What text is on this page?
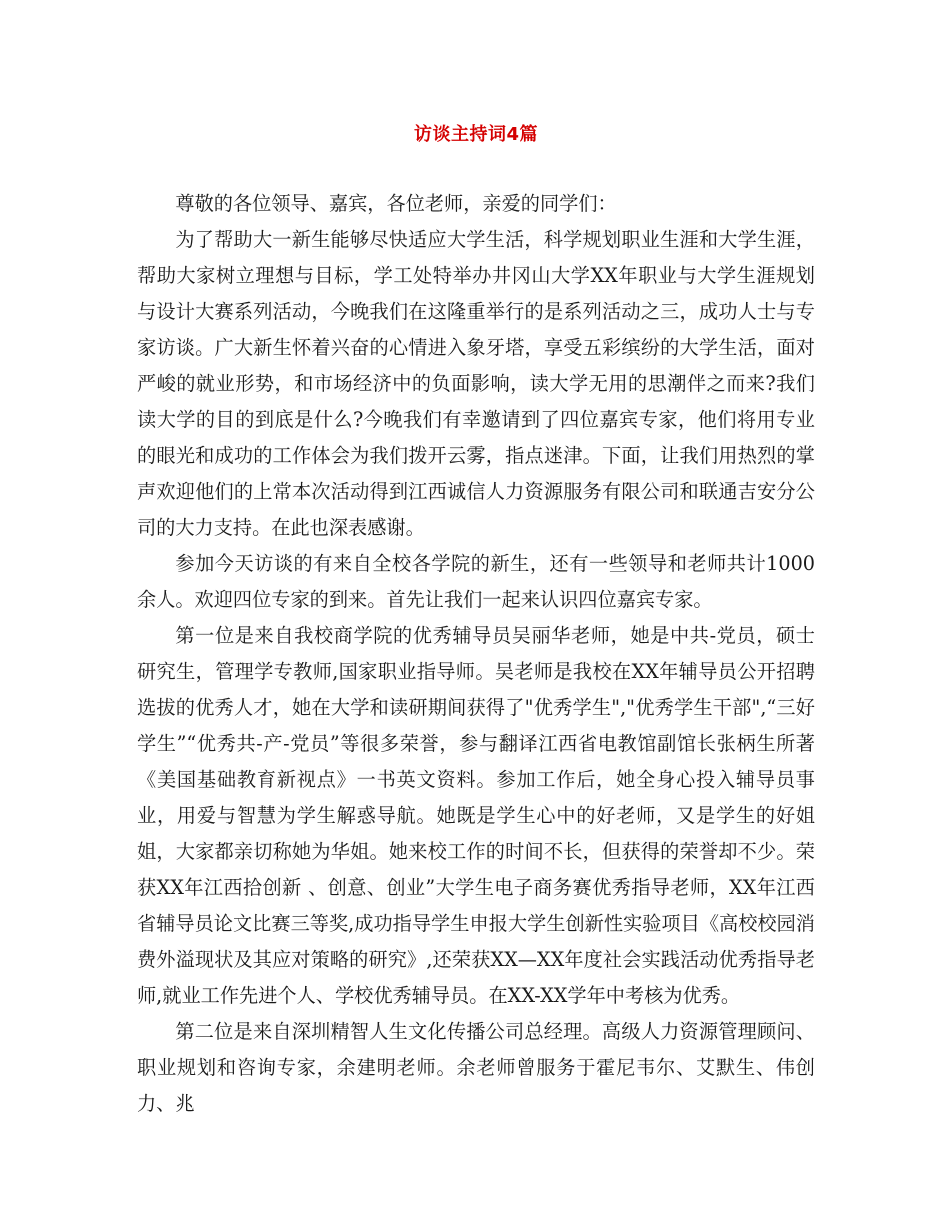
访谈主持词4篇

尊敬的各位领导、嘉宾，各位老师，亲爱的同学们：

为了帮助大一新生能够尽快适应大学生活，科学规划职业生涯和大学生涯，帮助大家树立理想与目标，学工处特举办井冈山大学XX年职业与大学生涯规划与设计大赛系列活动，今晚我们在这隆重举行的是系列活动之三，成功人士与专家访谈。广大新生怀着兴奋的心情进入象牙塔，享受五彩缤纷的大学生活，面对严峻的就业形势，和市场经济中的负面影响，读大学无用的思潮伴之而来?我们读大学的目的到底是什么?今晚我们有幸邀请到了四位嘉宾专家，他们将用专业的眼光和成功的工作体会为我们拨开云雾，指点迷津。下面，让我们用热烈的掌声欢迎他们的上常本次活动得到江西诚信人力资源服务有限公司和联通吉安分公司的大力支持。在此也深表感谢。

参加今天访谈的有来自全校各学院的新生，还有一些领导和老师共计1000余人。欢迎四位专家的到来。首先让我们一起来认识四位嘉宾专家。

第一位是来自我校商学院的优秀辅导员吴丽华老师，她是中共-党员，硕士研究生，管理学专教师,国家职业指导师。吴老师是我校在XX年辅导员公开招聘选拔的优秀人才，她在大学和读研期间获得了"优秀学生","优秀学生干部",“三好学生”“优秀共-产-党员”等很多荣誉，参与翻译江西省电教馆副馆长张柄生所著《美国基础教育新视点》一书英文资料。参加工作后，她全身心投入辅导员事业，用爱与智慧为学生解惑导航。她既是学生心中的好老师，又是学生的好姐姐，大家都亲切称她为华姐。她来校工作的时间不长，但获得的荣誉却不少。荣获XX年江西拾创新 、创意、创业”大学生电子商务赛优秀指导老师，XX年江西省辅导员论文比赛三等奖,成功指导学生申报大学生创新性实验项目《高校校园消费外溢现状及其应对策略的研究》,还荣获XX—XX年度社会实践活动优秀指导老师,就业工作先进个人、学校优秀辅导员。在XX-XX学年中考核为优秀。

第二位是来自深圳精智人生文化传播公司总经理。高级人力资源管理顾问、职业规划和咨询专家，余建明老师。余老师曾服务于霍尼韦尔、艾默生、伟创力、兆
